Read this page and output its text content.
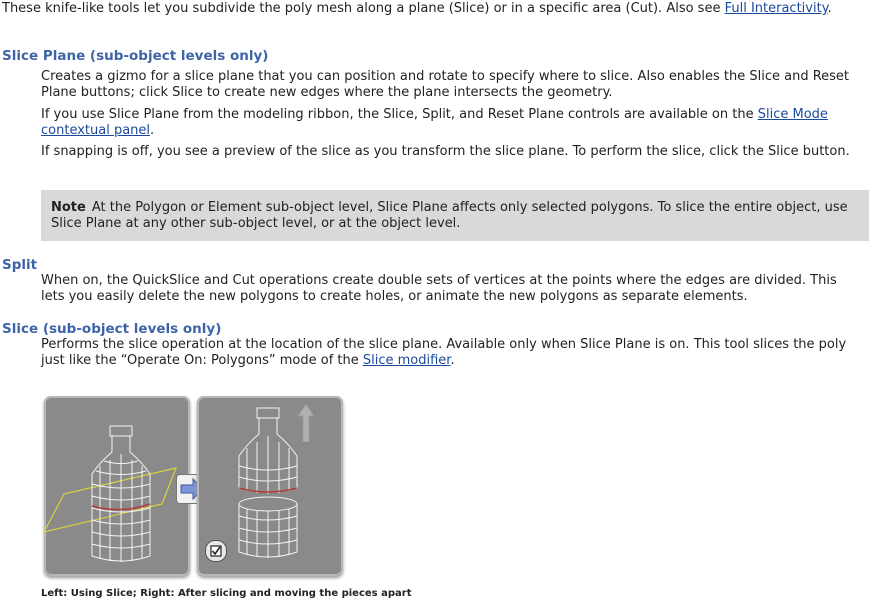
These knife-like tools let you subdivide the poly mesh along a plane (Slice) or in a specific area (Cut). Also see Full Interactivity.

Slice Plane (sub-object levels only)

Creates a gizmo for a slice plane that you can position and rotate to specify where to slice. Also enables the Slice and Reset Plane buttons; click Slice to create new edges where the plane intersects the geometry.

If you use Slice Plane from the modeling ribbon, the Slice, Split, and Reset Plane controls are available on the Slice Mode contextual panel.

If snapping is off, you see a preview of the slice as you transform the slice plane. To perform the slice, click the Slice button.

Note At the Polygon or Element sub-object level, Slice Plane affects only selected polygons. To slice the entire object, use Slice Plane at any other sub-object level, or at the object level.
Split

When on, the QuickSlice and Cut operations create double sets of vertices at the points where the edges are divided. This lets you easily delete the new polygons to create holes, or animate the new polygons as separate elements.

Slice (sub-object levels only)

Performs the slice operation at the location of the slice plane. Available only when Slice Plane is on. This tool slices the poly just like the “Operate On: Polygons” mode of the Slice modifier.

Left: Using Slice; Right: After slicing and moving the pieces apart
